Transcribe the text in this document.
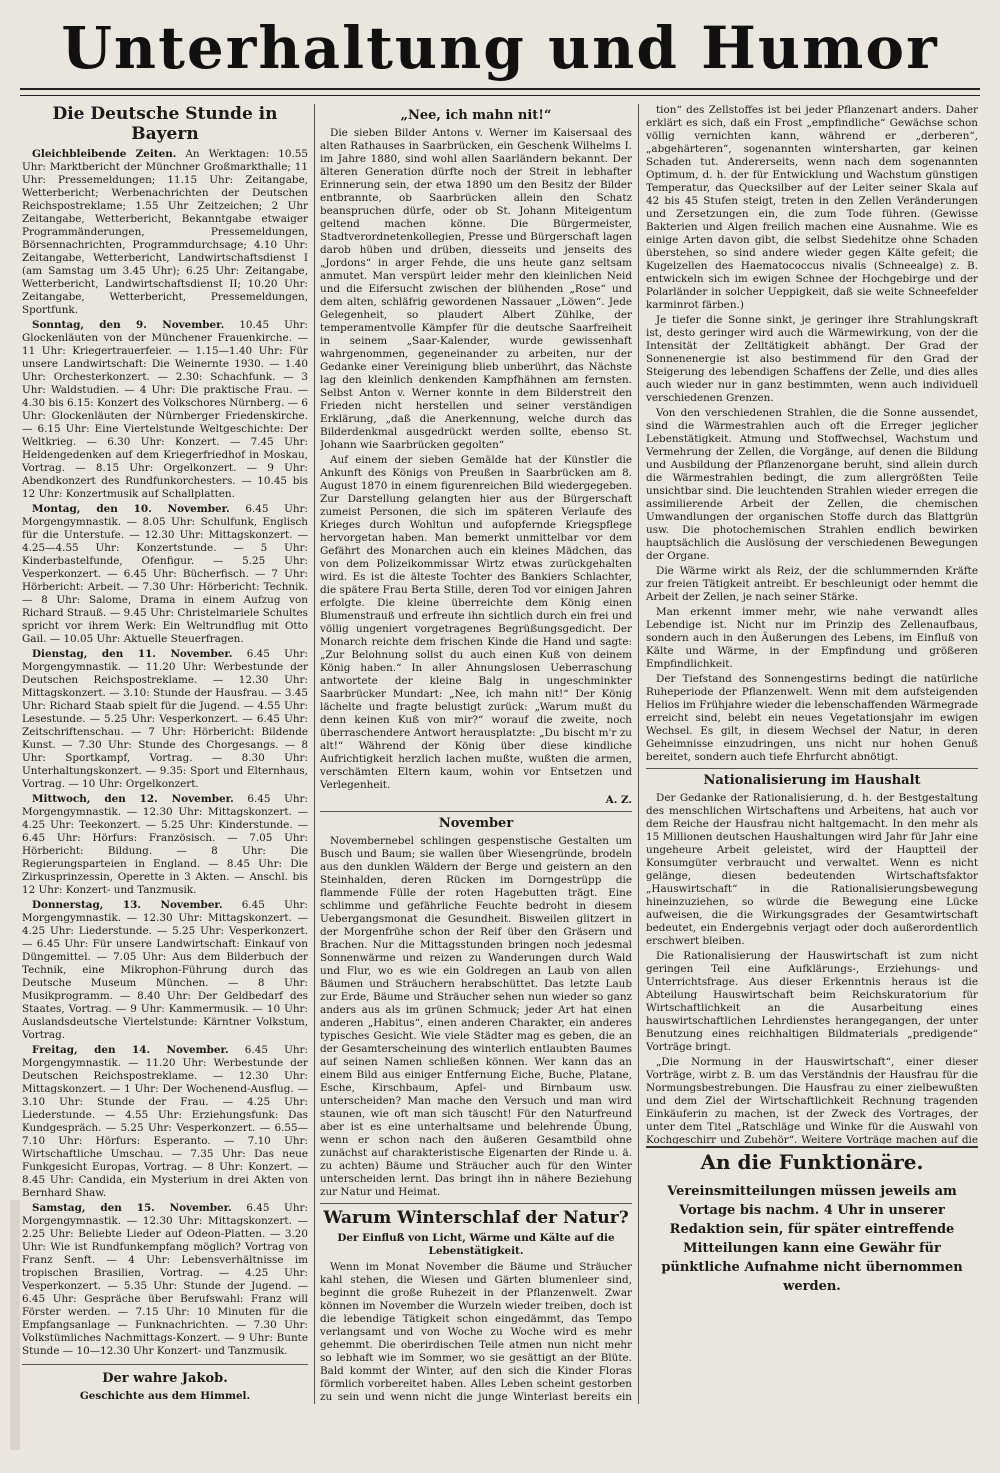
Unterhaltung und Humor
Die Deutsche Stunde in Bayern

Gleichbleibende Zeiten. An Werktagen: 10.55 Uhr: Marktbericht der Münchner Großmarkthalle; 11 Uhr: Pressemeldungen; 11.15 Uhr: Zeitangabe, Wetterbericht; Werbenachrichten der Deutschen Reichspostreklame; 1.55 Uhr Zeitzeichen; 2 Uhr Zeitangabe, Wetterbericht, Bekanntgabe etwaiger Programmänderungen, Pressemeldungen, Börsennachrichten, Programmdurchsage; 4.10 Uhr: Zeitangabe, Wetterbericht, Landwirtschaftsdienst I (am Samstag um 3.45 Uhr); 6.25 Uhr: Zeitangabe, Wetterbericht, Landwirtschaftsdienst II; 10.20 Uhr: Zeitangabe, Wetterbericht, Pressemeldungen, Sportfunk.

Sonntag, den 9. November. 10.45 Uhr: Glockenläuten von der Münchener Frauenkirche. — 11 Uhr: Kriegertrauerfeier. — 1.15—1.40 Uhr: Für unsere Landwirtschaft: Die Weinernte 1930. — 1.40 Uhr: Orchesterkonzert. — 2.30: Schachfunk. — 3 Uhr: Waldstudien. — 4 Uhr: Die praktische Frau. — 4.30 bis 6.15: Konzert des Volkschores Nürnberg. — 6 Uhr: Glockenläuten der Nürnberger Friedenskirche. — 6.15 Uhr: Eine Viertelstunde Weltgeschichte: Der Weltkrieg. — 6.30 Uhr: Konzert. — 7.45 Uhr: Heldengedenken auf dem Kriegerfriedhof in Moskau, Vortrag. — 8.15 Uhr: Orgelkonzert. — 9 Uhr: Abendkonzert des Rundfunkorchesters. — 10.45 bis 12 Uhr: Konzertmusik auf Schallplatten.

Montag, den 10. November. 6.45 Uhr: Morgengymnastik. — 8.05 Uhr: Schulfunk, Englisch für die Unterstufe. — 12.30 Uhr: Mittagskonzert. — 4.25—4.55 Uhr: Konzertstunde. — 5 Uhr: Kinderbastelfunde, Ofenfigur. — 5.25 Uhr: Vesperkonzert. — 6.45 Uhr: Bücherfisch. — 7 Uhr: Hörbericht: Arbeit. — 7.30 Uhr: Hörbericht: Technik. — 8 Uhr: Salome, Drama in einem Aufzug von Richard Strauß. — 9.45 Uhr: Christelmariele Schultes spricht vor ihrem Werk: Ein Weltrundflug mit Otto Gail. — 10.05 Uhr: Aktuelle Steuerfragen.

Dienstag, den 11. November. 6.45 Uhr: Morgengymnastik. — 11.20 Uhr: Werbestunde der Deutschen Reichspostreklame. — 12.30 Uhr: Mittagskonzert. — 3.10: Stunde der Hausfrau. — 3.45 Uhr: Richard Staab spielt für die Jugend. — 4.55 Uhr: Lesestunde. — 5.25 Uhr: Vesperkonzert. — 6.45 Uhr: Zeitschriftenschau. — 7 Uhr: Hörbericht: Bildende Kunst. — 7.30 Uhr: Stunde des Chorgesangs. — 8 Uhr: Sportkampf, Vortrag. — 8.30 Uhr: Unterhaltungskonzert. — 9.35: Sport und Elternhaus, Vortrag. — 10 Uhr: Orgelkonzert.

Mittwoch, den 12. November. 6.45 Uhr: Morgengymnastik. — 12.30 Uhr: Mittagskonzert. — 4.25 Uhr: Teekonzert. — 5.25 Uhr: Kinderstunde. — 6.45 Uhr: Hörfurs: Französisch. — 7.05 Uhr: Hörbericht: Bildung. — 8 Uhr: Die Regierungsparteien in England. — 8.45 Uhr: Die Zirkusprinzessin, Operette in 3 Akten. — Anschl. bis 12 Uhr: Konzert- und Tanzmusik.

Donnerstag, 13. November. 6.45 Uhr: Morgengymnastik. — 12.30 Uhr: Mittagskonzert. — 4.25 Uhr: Liederstunde. — 5.25 Uhr: Vesperkonzert. — 6.45 Uhr: Für unsere Landwirtschaft: Einkauf von Düngemittel. — 7.05 Uhr: Aus dem Bilderbuch der Technik, eine Mikrophon-Führung durch das Deutsche Museum München. — 8 Uhr: Musikprogramm. — 8.40 Uhr: Der Geldbedarf des Staates, Vortrag. — 9 Uhr: Kammermusik. — 10 Uhr: Auslandsdeutsche Viertelstunde: Kärntner Volkstum, Vortrag.

Freitag, den 14. November. 6.45 Uhr: Morgengymnastik. — 11.20 Uhr: Werbestunde der Deutschen Reichspostreklame. — 12.30 Uhr: Mittagskonzert. — 1 Uhr: Der Wochenend-Ausflug. — 3.10 Uhr: Stunde der Frau. — 4.25 Uhr: Liederstunde. — 4.55 Uhr: Erziehungsfunk: Das Kundgespräch. — 5.25 Uhr: Vesperkonzert. — 6.55—7.10 Uhr: Hörfurs: Esperanto. — 7.10 Uhr: Wirtschaftliche Umschau. — 7.35 Uhr: Das neue Funkgesicht Europas, Vortrag. — 8 Uhr: Konzert. — 8.45 Uhr: Candida, ein Mysterium in drei Akten von Bernhard Shaw.

Samstag, den 15. November. 6.45 Uhr: Morgengymnastik. — 12.30 Uhr: Mittagskonzert. — 2.25 Uhr: Beliebte Lieder auf Odeon-Platten. — 3.20 Uhr: Wie ist Rundfunkempfang möglich? Vortrag von Franz Senft. — 4 Uhr: Lebensverhältnisse im tropischen Brasilien, Vortrag. — 4.25 Uhr: Vesperkonzert. — 5.35 Uhr: Stunde der Jugend. — 6.45 Uhr: Gespräche über Berufswahl: Franz will Förster werden. — 7.15 Uhr: 10 Minuten für die Empfangsanlage — Funknachrichten. — 7.30 Uhr: Volkstümliches Nachmittags-Konzert. — 9 Uhr: Bunte Stunde — 10—12.30 Uhr Konzert- und Tanzmusik.

Der wahre Jakob.

Geschichte aus dem Himmel.

„Nee, ich mahn nit!“

Die sieben Bilder Antons v. Werner im Kaisersaal des alten Rathauses in Saarbrücken, ein Geschenk Wilhelms I. im Jahre 1880, sind wohl allen Saarländern bekannt. Der älteren Generation dürfte noch der Streit in lebhafter Erinnerung sein, der etwa 1890 um den Besitz der Bilder entbrannte, ob Saarbrücken allein den Schatz beanspruchen dürfe, oder ob St. Johann Miteigentum geltend machen könne. Die Bürgermeister, Stadtverordnetenkollegien, Presse und Bürgerschaft lagen darob hüben und drüben, diesseits und jenseits des „Jordons“ in arger Fehde, die uns heute ganz seltsam anmutet. Man verspürt leider mehr den kleinlichen Neid und die Eifersucht zwischen der blühenden „Rose“ und dem alten, schläfrig gewordenen Nassauer „Löwen“. Jede Gelegenheit, so plaudert Albert Zühlke, der temperamentvolle Kämpfer für die deutsche Saarfreiheit in seinem „Saar-Kalender, wurde gewissenhaft wahrgenommen, gegeneinander zu arbeiten, nur der Gedanke einer Vereinigung blieb unberührt, das Nächste lag den kleinlich denkenden Kampfhähnen am fernsten. Selbst Anton v. Werner konnte in dem Bilderstreit den Frieden nicht herstellen und seiner verständigen Erklärung, „daß die Anerkennung, welche durch das Bilderdenkmal ausgedrückt werden sollte, ebenso St. Johann wie Saarbrücken gegolten“

Auf einem der sieben Gemälde hat der Künstler die Ankunft des Königs von Preußen in Saarbrücken am 8. August 1870 in einem figurenreichen Bild wiedergegeben. Zur Darstellung gelangten hier aus der Bürgerschaft zumeist Personen, die sich im späteren Verlaufe des Krieges durch Wohltun und aufopfernde Kriegspflege hervorgetan haben. Man bemerkt unmittelbar vor dem Gefährt des Monarchen auch ein kleines Mädchen, das von dem Polizeikommissar Wirtz etwas zurückgehalten wird. Es ist die älteste Tochter des Bankiers Schlachter, die spätere Frau Berta Stille, deren Tod vor einigen Jahren erfolgte. Die kleine überreichte dem König einen Blumenstrauß und erfreute ihn sichtlich durch ein frei und völlig ungeniert vorgetragenes Begrüßungsgedicht. Der Monarch reichte dem frischen Kinde die Hand und sagte: „Zur Belohnung sollst du auch einen Kuß von deinem König haben.“ In aller Ahnungslosen Ueberraschung antwortete der kleine Balg in ungeschminkter Saarbrücker Mundart: „Nee, ich mahn nit!“ Der König lächelte und fragte belustigt zurück: „Warum mußt du denn keinen Kuß von mir?“ worauf die zweite, noch überraschendere Antwort herausplatzte: „Du bischt m'r zu alt!“ Während der König über diese kindliche Aufrichtigkeit herzlich lachen mußte, wußten die armen, verschämten Eltern kaum, wohin vor Entsetzen und Verlegenheit.

A. Z.

November

Novembernebel schlingen gespenstische Gestalten um Busch und Baum; sie wallen über Wiesengründe, brodeln aus den dunklen Wäldern der Berge und geistern an den Steinhalden, deren Rücken im Dorngestrüpp die flammende Fülle der roten Hagebutten trägt. Eine schlimme und gefährliche Feuchte bedroht in diesem Uebergangsmonat die Gesundheit. Bisweilen glitzert in der Morgenfrühe schon der Reif über den Gräsern und Brachen. Nur die Mittagsstunden bringen noch jedesmal Sonnenwärme und reizen zu Wanderungen durch Wald und Flur, wo es wie ein Goldregen an Laub von allen Bäumen und Sträuchern herabschüttet. Das letzte Laub zur Erde, Bäume und Sträucher sehen nun wieder so ganz anders aus als im grünen Schmuck; jeder Art hat einen anderen „Habitus“, einen anderen Charakter, ein anderes typisches Gesicht. Wie viele Städter mag es geben, die an der Gesamterscheinung des winterlich entlaubten Baumes auf seinen Namen schließen können. Wer kann das an einem Bild aus einiger Entfernung Eiche, Buche, Platane, Esche, Kirschbaum, Apfel- und Birnbaum usw. unterscheiden? Man mache den Versuch und man wird staunen, wie oft man sich täuscht! Für den Naturfreund aber ist es eine unterhaltsame und belehrende Übung, wenn er schon nach den äußeren Gesamtbild ohne zunächst auf charakteristische Eigenarten der Rinde u. ä. zu achten) Bäume und Sträucher auch für den Winter unterscheiden lernt. Das bringt ihn in nähere Beziehung zur Natur und Heimat.

Warum Winterschlaf der Natur?

Der Einfluß von Licht, Wärme und Kälte auf die Lebenstätigkeit.

Wenn im Monat November die Bäume und Sträucher kahl stehen, die Wiesen und Gärten blumenleer sind, beginnt die große Ruhezeit in der Pflanzenwelt. Zwar können im November die Wurzeln wieder treiben, doch ist die lebendige Tätigkeit schon eingedämmt, das Tempo verlangsamt und von Woche zu Woche wird es mehr gehemmt. Die oberirdischen Teile atmen nun nicht mehr so lebhaft wie im Sommer, wo sie gesättigt an der Blüte. Bald kommt der Winter, auf den sich die Kinder Floras förmlich vorbereitet haben. Alles Leben scheint gestorben zu sein und wenn nicht die junge Winterlast bereits ein

tion“ des Zellstoffes ist bei jeder Pflanzenart anders. Daher erklärt es sich, daß ein Frost „empfindliche“ Gewächse schon völlig vernichten kann, während er „derberen“, „abgehärteren“, sogenannten wintersharten, gar keinen Schaden tut. Andererseits, wenn nach dem sogenannten Optimum, d. h. der für Entwicklung und Wachstum günstigen Temperatur, das Quecksilber auf der Leiter seiner Skala auf 42 bis 45 Stufen steigt, treten in den Zellen Veränderungen und Zersetzungen ein, die zum Tode führen. (Gewisse Bakterien und Algen freilich machen eine Ausnahme. Wie es einige Arten davon gibt, die selbst Siedehitze ohne Schaden überstehen, so sind andere wieder gegen Kälte gefeit; die Kugelzellen des Haematococcus nivalis (Schneealge) z. B. entwickeln sich im ewigen Schnee der Hochgebirge und der Polarländer in solcher Ueppigkeit, daß sie weite Schneefelder karminrot färben.)

Je tiefer die Sonne sinkt, je geringer ihre Strahlungskraft ist, desto geringer wird auch die Wärmewirkung, von der die Intensität der Zelltätigkeit abhängt. Der Grad der Sonnenenergie ist also bestimmend für den Grad der Steigerung des lebendigen Schaffens der Zelle, und dies alles auch wieder nur in ganz bestimmten, wenn auch individuell verschiedenen Grenzen.

Von den verschiedenen Strahlen, die die Sonne aussendet, sind die Wärmestrahlen auch oft die Erreger jeglicher Lebenstätigkeit. Atmung und Stoffwechsel, Wachstum und Vermehrung der Zellen, die Vorgänge, auf denen die Bildung und Ausbildung der Pflanzenorgane beruht, sind allein durch die Wärmestrahlen bedingt, die zum allergrößten Teile unsichtbar sind. Die leuchtenden Strahlen wieder erregen die assimilierende Arbeit der Zellen, die chemischen Umwandlungen der organischen Stoffe durch das Blattgrün usw. Die photochemischen Strahlen endlich bewirken hauptsächlich die Auslösung der verschiedenen Bewegungen der Organe.

Die Wärme wirkt als Reiz, der die schlummernden Kräfte zur freien Tätigkeit antreibt. Er beschleunigt oder hemmt die Arbeit der Zellen, je nach seiner Stärke.

Man erkennt immer mehr, wie nahe verwandt alles Lebendige ist. Nicht nur im Prinzip des Zellenaufbaus, sondern auch in den Äußerungen des Lebens, im Einfluß von Kälte und Wärme, in der Empfindung und größeren Empfindlichkeit.

Der Tiefstand des Sonnengestirns bedingt die natürliche Ruheperiode der Pflanzenwelt. Wenn mit dem aufsteigenden Helios im Frühjahre wieder die lebenschaffenden Wärmegrade erreicht sind, belebt ein neues Vegetationsjahr im ewigen Wechsel. Es gilt, in diesem Wechsel der Natur, in deren Geheimnisse einzudringen, uns nicht nur hohen Genuß bereitet, sondern auch tiefe Ehrfurcht abnötigt.

Nationalisierung im Haushalt

Der Gedanke der Rationalisierung, d. h. der Bestgestaltung des menschlichen Wirtschaftens und Arbeitens, hat auch vor dem Reiche der Hausfrau nicht haltgemacht. In den mehr als 15 Millionen deutschen Haushaltungen wird Jahr für Jahr eine ungeheure Arbeit geleistet, wird der Hauptteil der Konsumgüter verbraucht und verwaltet. Wenn es nicht gelänge, diesen bedeutenden Wirtschaftsfaktor „Hauswirtschaft“ in die Rationalisierungsbewegung hineinzuziehen, so würde die Bewegung eine Lücke aufweisen, die die Wirkungsgrades der Gesamtwirtschaft bedeutet, ein Endergebnis verjagt oder doch außerordentlich erschwert bleiben.

Die Rationalisierung der Hauswirtschaft ist zum nicht geringen Teil eine Aufklärungs-, Erziehungs- und Unterrichtsfrage. Aus dieser Erkenntnis heraus ist die Abteilung Hauswirtschaft beim Reichskuratorium für Wirtschaftlichkeit an die Ausarbeitung eines hauswirtschaftlichen Lehrdienstes herangegangen, der unter Benutzung eines reichhaltigen Bildmaterials „predigende“ Vorträge bringt.

„Die Normung in der Hauswirtschaft“, einer dieser Vorträge, wirbt z. B. um das Verständnis der Hausfrau für die Normungsbestrebungen. Die Hausfrau zu einer zielbewußten und dem Ziel der Wirtschaftlichkeit Rechnung tragenden Einkäuferin zu machen, ist der Zweck des Vortrages, der unter dem Titel „Ratschläge und Winke für die Auswahl von Kochgeschirr und Zubehör“. Weitere Vorträge machen auf die

An die Funktionäre.

Vereinsmitteilungen müssen jeweils am Vortage bis nachm. 4 Uhr in unserer Redaktion sein, für später eintreffende Mitteilungen kann eine Gewähr für pünktliche Aufnahme nicht übernommen werden.
